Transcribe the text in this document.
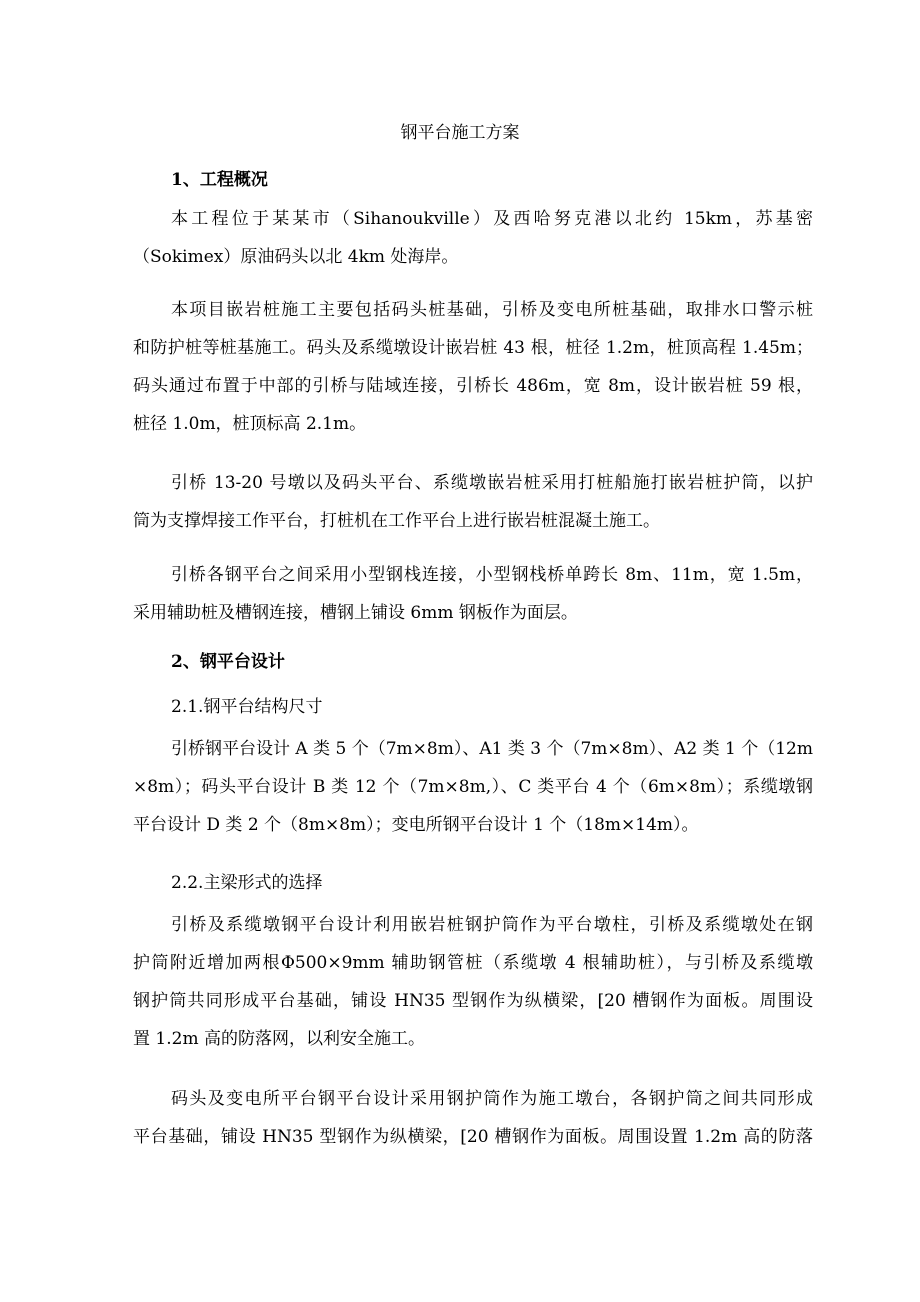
钢平台施工方案
1、工程概况
本工程位于某某市（Sihanoukville）及西哈努克港以北约 15km，苏基密
（Sokimex）原油码头以北 4km 处海岸。
本项目嵌岩桩施工主要包括码头桩基础，引桥及变电所桩基础，取排水口警示桩
和防护桩等桩基施工。码头及系缆墩设计嵌岩桩 43 根，桩径 1.2m，桩顶高程 1.45m；
码头通过布置于中部的引桥与陆域连接，引桥长 486m，宽 8m，设计嵌岩桩 59 根，
桩径 1.0m，桩顶标高 2.1m。
引桥 13-20 号墩以及码头平台、系缆墩嵌岩桩采用打桩船施打嵌岩桩护筒，以护
筒为支撑焊接工作平台，打桩机在工作平台上进行嵌岩桩混凝土施工。
引桥各钢平台之间采用小型钢栈连接，小型钢栈桥单跨长 8m、11m，宽 1.5m，
采用辅助桩及槽钢连接，槽钢上铺设 6mm 钢板作为面层。
2、钢平台设计
2.1.钢平台结构尺寸
引桥钢平台设计 A 类 5 个（7m×8m）、A1 类 3 个（7m×8m）、A2 类 1 个（12m
×8m）；码头平台设计 B 类 12 个（7m×8m,）、C 类平台 4 个（6m×8m）；系缆墩钢
平台设计 D 类 2 个（8m×8m）；变电所钢平台设计 1 个（18m×14m）。
2.2.主梁形式的选择
引桥及系缆墩钢平台设计利用嵌岩桩钢护筒作为平台墩柱，引桥及系缆墩处在钢
护筒附近增加两根Φ500×9mm 辅助钢管桩（系缆墩 4 根辅助桩），与引桥及系缆墩
钢护筒共同形成平台基础，铺设 HN35 型钢作为纵横梁，[20 槽钢作为面板。周围设
置 1.2m 高的防落网，以利安全施工。
码头及变电所平台钢平台设计采用钢护筒作为施工墩台，各钢护筒之间共同形成
平台基础，铺设 HN35 型钢作为纵横梁，[20 槽钢作为面板。周围设置 1.2m 高的防落
